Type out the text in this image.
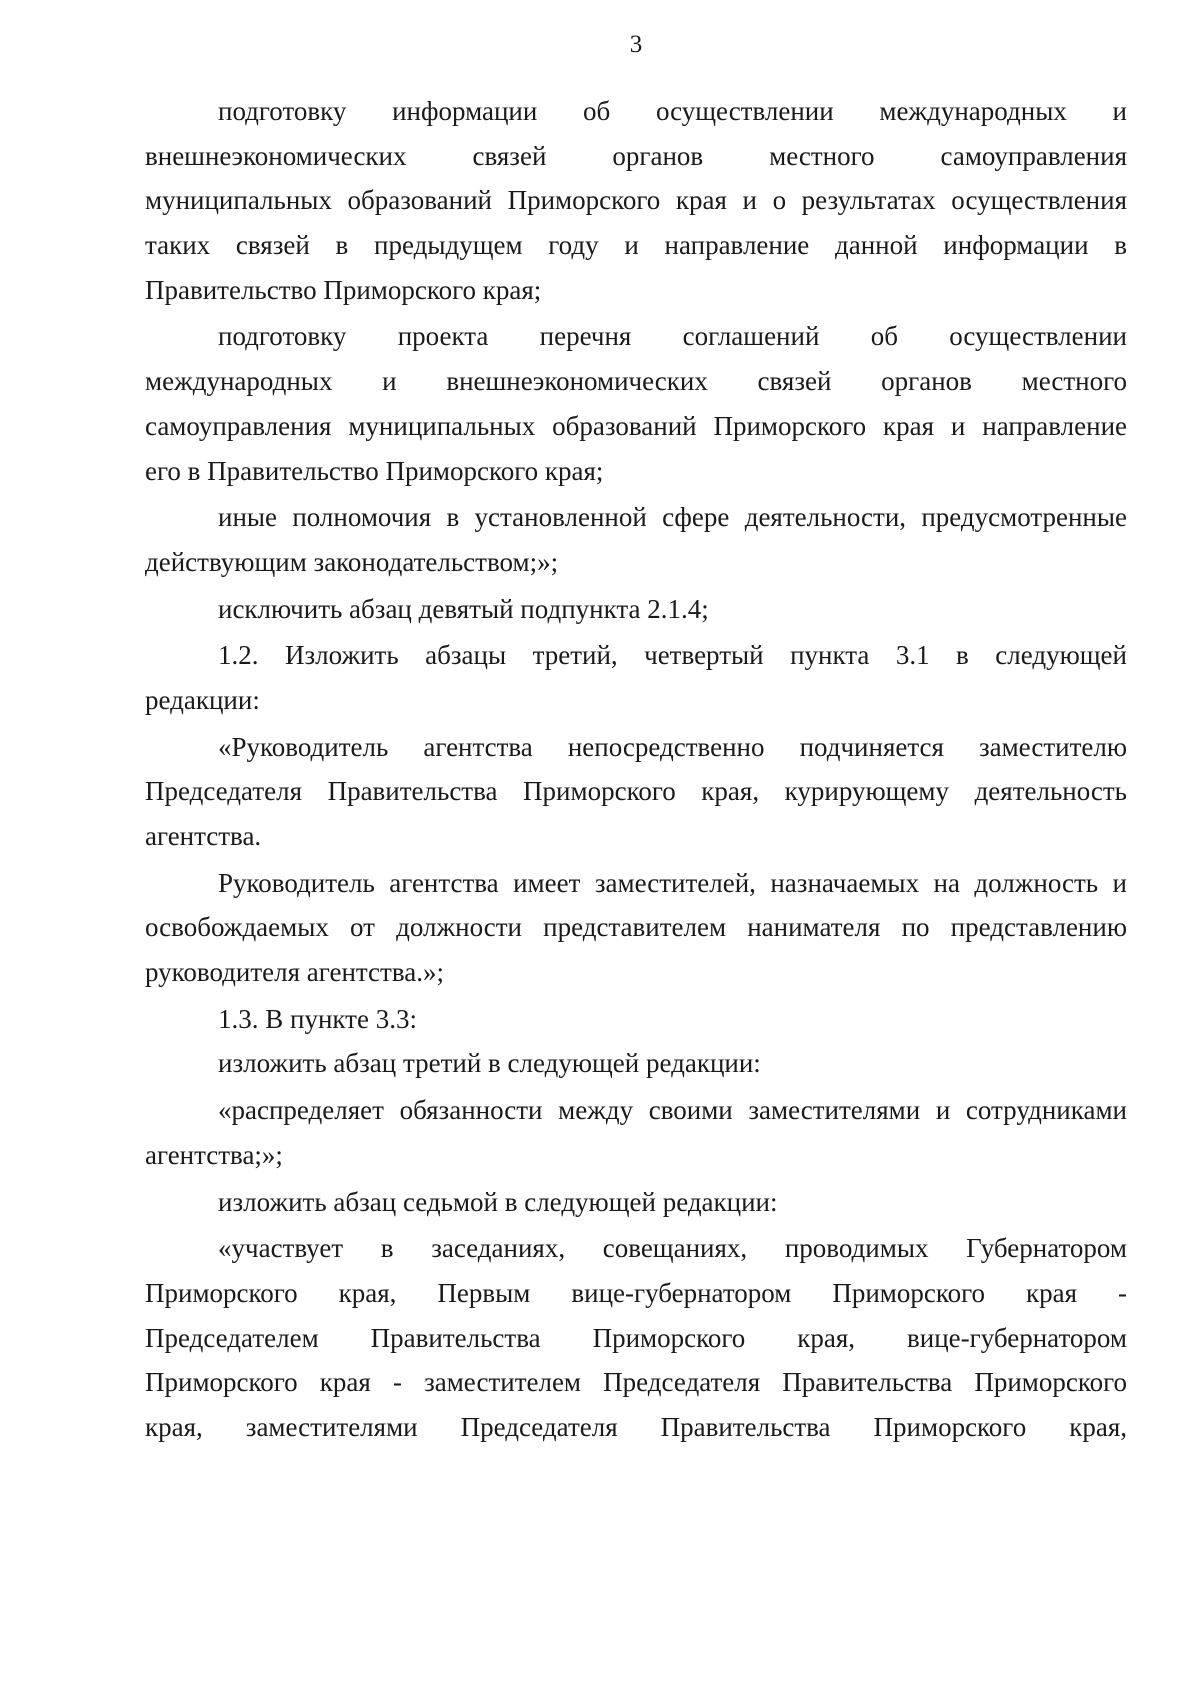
3
подготовку информации об осуществлении международных и
внешнеэкономических связей органов местного самоуправления
муниципальных образований Приморского края и о результатах осуществления
таких связей в предыдущем году и направление данной информации в
Правительство Приморского края;
подготовку проекта перечня соглашений об осуществлении
международных и внешнеэкономических связей органов местного
самоуправления муниципальных образований Приморского края и направление
его в Правительство Приморского края;
иные полномочия в установленной сфере деятельности, предусмотренные
действующим законодательством;»;
исключить абзац девятый подпункта 2.1.4;
1.2. Изложить абзацы третий, четвертый пункта 3.1 в следующей
редакции:
«Руководитель агентства непосредственно подчиняется заместителю
Председателя Правительства Приморского края, курирующему деятельность
агентства.
Руководитель агентства имеет заместителей, назначаемых на должность и
освобождаемых от должности представителем нанимателя по представлению
руководителя агентства.»;
1.3. В пункте 3.3:
изложить абзац третий в следующей редакции:
«распределяет обязанности между своими заместителями и сотрудниками
агентства;»;
изложить абзац седьмой в следующей редакции:
«участвует в заседаниях, совещаниях, проводимых Губернатором
Приморского края, Первым вице-губернатором Приморского края -
Председателем Правительства Приморского края, вице-губернатором
Приморского края - заместителем Председателя Правительства Приморского
края, заместителями Председателя Правительства Приморского края,
